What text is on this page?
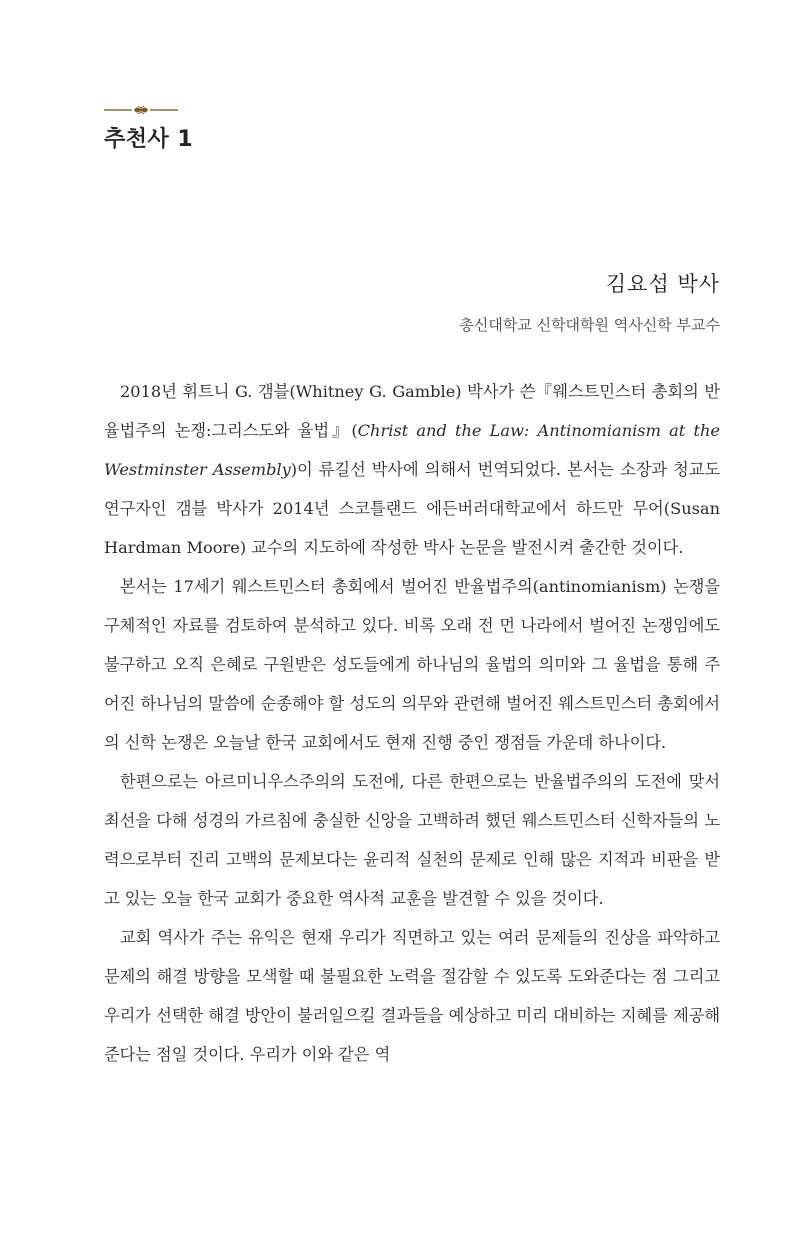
추천사 1

김요섭 박사

총신대학교 신학대학원 역사신학 부교수

2018년 휘트니 G. 갬블(Whitney G. Gamble) 박사가 쓴『웨스트민스터 총회의 반율법주의 논쟁:그리스도와 율법』(Christ and the Law: Antinomianism at the Westminster Assembly)이 류길선 박사에 의해서 번역되었다. 본서는 소장과 청교도 연구자인 갬블 박사가 2014년 스코틀랜드 에든버러대학교에서 하드만 무어(Susan Hardman Moore) 교수의 지도하에 작성한 박사 논문을 발전시켜 출간한 것이다.

본서는 17세기 웨스트민스터 총회에서 벌어진 반율법주의(antinomianism) 논쟁을 구체적인 자료를 검토하여 분석하고 있다. 비록 오래 전 먼 나라에서 벌어진 논쟁임에도 불구하고 오직 은혜로 구원받은 성도들에게 하나님의 율법의 의미와 그 율법을 통해 주어진 하나님의 말씀에 순종해야 할 성도의 의무와 관련해 벌어진 웨스트민스터 총회에서의 신학 논쟁은 오늘날 한국 교회에서도 현재 진행 중인 쟁점들 가운데 하나이다.

한편으로는 아르미니우스주의의 도전에, 다른 한편으로는 반율법주의의 도전에 맞서 최선을 다해 성경의 가르침에 충실한 신앙을 고백하려 했던 웨스트민스터 신학자들의 노력으로부터 진리 고백의 문제보다는 윤리적 실천의 문제로 인해 많은 지적과 비판을 받고 있는 오늘 한국 교회가 중요한 역사적 교훈을 발견할 수 있을 것이다.

교회 역사가 주는 유익은 현재 우리가 직면하고 있는 여러 문제들의 진상을 파악하고 문제의 해결 방향을 모색할 때 불필요한 노력을 절감할 수 있도록 도와준다는 점 그리고 우리가 선택한 해결 방안이 불러일으킬 결과들을 예상하고 미리 대비하는 지혜를 제공해 준다는 점일 것이다. 우리가 이와 같은 역
